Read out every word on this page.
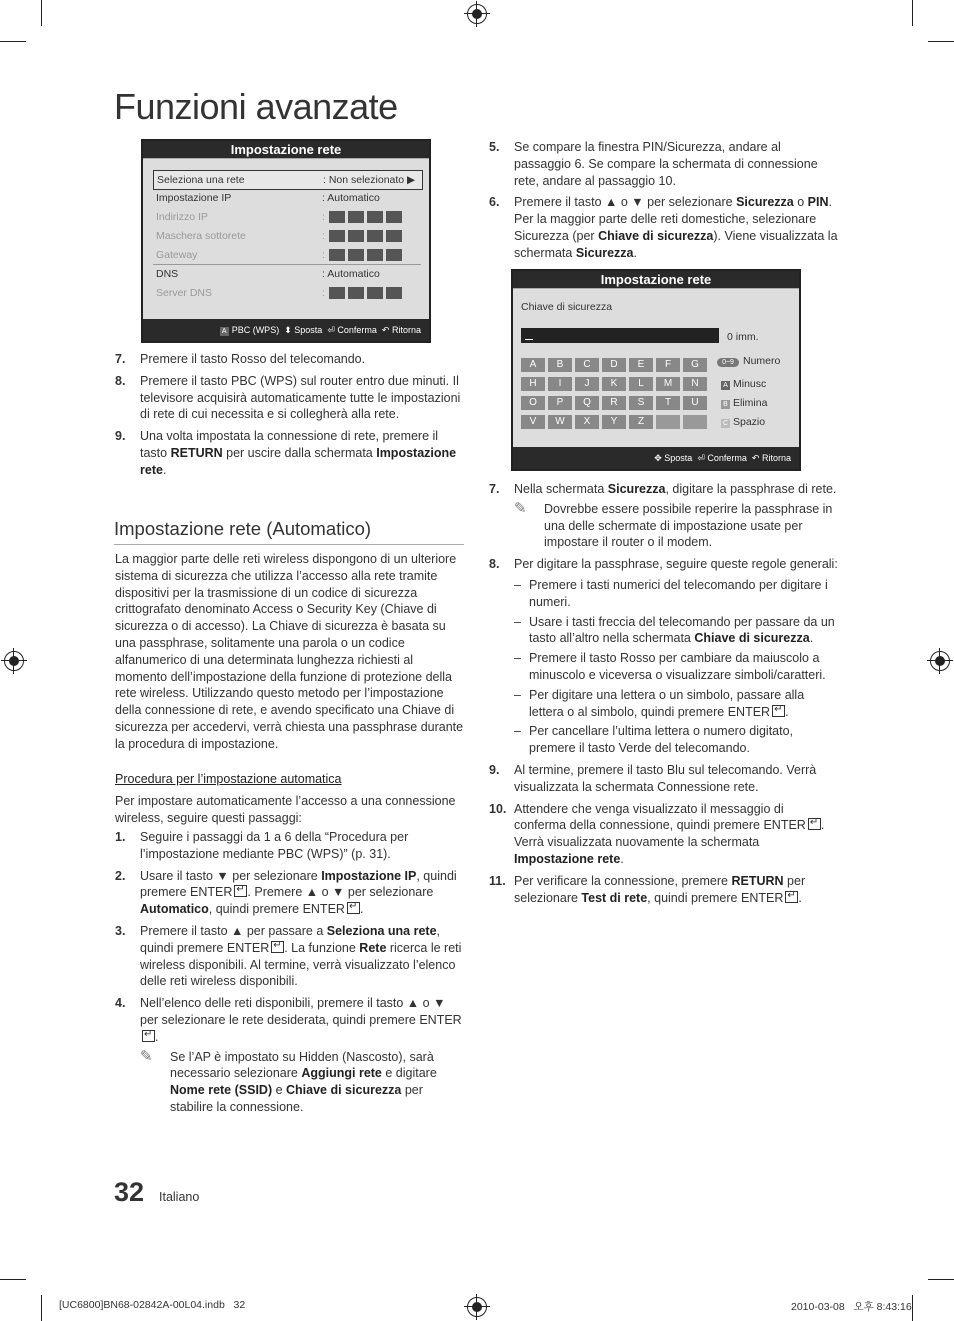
Funzioni avanzate
Impostazione rete
Seleziona una rete	: Non selezionato ▶
Impostazione IP	: Automatico
Indirizzo IP	:
Maschera sottorete	:
Gateway	:
DNS	: Automatico
Server DNS	:
A PBC (WPS) ⬍ Sposta ⏎ Conferma ↶ Ritorna
7. Premere il tasto Rosso del telecomando.
8. Premere il tasto PBC (WPS) sul router entro due minuti. Il televisore acquisirà automaticamente tutte le impostazioni di rete di cui necessita e si collegherà alla rete.
9. Una volta impostata la connessione di rete, premere il tasto RETURN per uscire dalla schermata Impostazione rete.
Impostazione rete (Automatico)

La maggior parte delle reti wireless dispongono di un ulteriore sistema di sicurezza che utilizza l’accesso alla rete tramite dispositivi per la trasmissione di un codice di sicurezza crittografato denominato Access o Security Key (Chiave di sicurezza o di accesso). La Chiave di sicurezza è basata su una passphrase, solitamente una parola o un codice alfanumerico di una determinata lunghezza richiesti al momento dell’impostazione della funzione di protezione della rete wireless. Utilizzando questo metodo per l’impostazione della connessione di rete, e avendo specificato una Chiave di sicurezza per accedervi, verrà chiesta una passphrase durante la procedura di impostazione.

Procedura per l’impostazione automatica

Per impostare automaticamente l’accesso a una connessione wireless, seguire questi passaggi:

1. Seguire i passaggi da 1 a 6 della “Procedura per l’impostazione mediante PBC (WPS)” (p. 31).
2. Usare il tasto ▼ per selezionare Impostazione IP, quindi premere ENTER ↵ . Premere ▲ o ▼ per selezionare Automatico, quindi premere ENTER ↵ .
3. Premere il tasto ▲ per passare a Seleziona una rete, quindi premere ENTER ↵ . La funzione Rete ricerca le reti wireless disponibili. Al termine, verrà visualizzato l’elenco delle reti wireless disponibili.
4. Nell’elenco delle reti disponibili, premere il tasto ▲ o ▼ per selezionare le rete desiderata, quindi premere ENTER↵.
✎ Se l’AP è impostato su Hidden (Nascosto), sarà necessario selezionare Aggiungi rete e digitare Nome rete (SSID) e Chiave di sicurezza per stabilire la connessione.
5. Se compare la finestra PIN/Sicurezza, andare al passaggio 6. Se compare la schermata di connessione rete, andare al passaggio 10.
6. Premere il tasto ▲ o ▼ per selezionare Sicurezza o PIN. Per la maggior parte delle reti domestiche, selezionare Sicurezza (per Chiave di sicurezza). Viene visualizzata la schermata Sicurezza.
Impostazione rete
Chiave di sicurezza
0 imm.
A	B	C	D	E	F	G
H	I	J	K	L	M	N
O	P	Q	R	S	T	U
V	W	X	Y	Z
0~9 Numero
A Minusc
B Elimina
C Spazio
✥ Sposta ⏎ Conferma ↶ Ritorna
7. Nella schermata Sicurezza, digitare la passphrase di rete.
✎ Dovrebbe essere possibile reperire la passphrase in una delle schermate di impostazione usate per impostare il router o il modem.
8. Per digitare la passphrase, seguire queste regole generali:
– Premere i tasti numerici del telecomando per digitare i numeri.
– Usare i tasti freccia del telecomando per passare da un tasto all’altro nella schermata Chiave di sicurezza.
– Premere il tasto Rosso per cambiare da maiuscolo a minuscolo e viceversa o visualizzare simboli/caratteri.
– Per digitare una lettera o un simbolo, passare alla lettera o al simbolo, quindi premere ENTER ↵ .
– Per cancellare l’ultima lettera o numero digitato, premere il tasto Verde del telecomando.
9. Al termine, premere il tasto Blu sul telecomando. Verrà visualizzata la schermata Connessione rete.
10. Attendere che venga visualizzato il messaggio di conferma della connessione, quindi premere ENTER ↵ . Verrà visualizzata nuovamente la schermata Impostazione rete.
11. Per verificare la connessione, premere RETURN per selezionare Test di rete, quindi premere ENTER ↵ .
32 Italiano
[UC6800]BN68-02842A-00L04.indb   32	2010-03-08   오후 8:43:16
